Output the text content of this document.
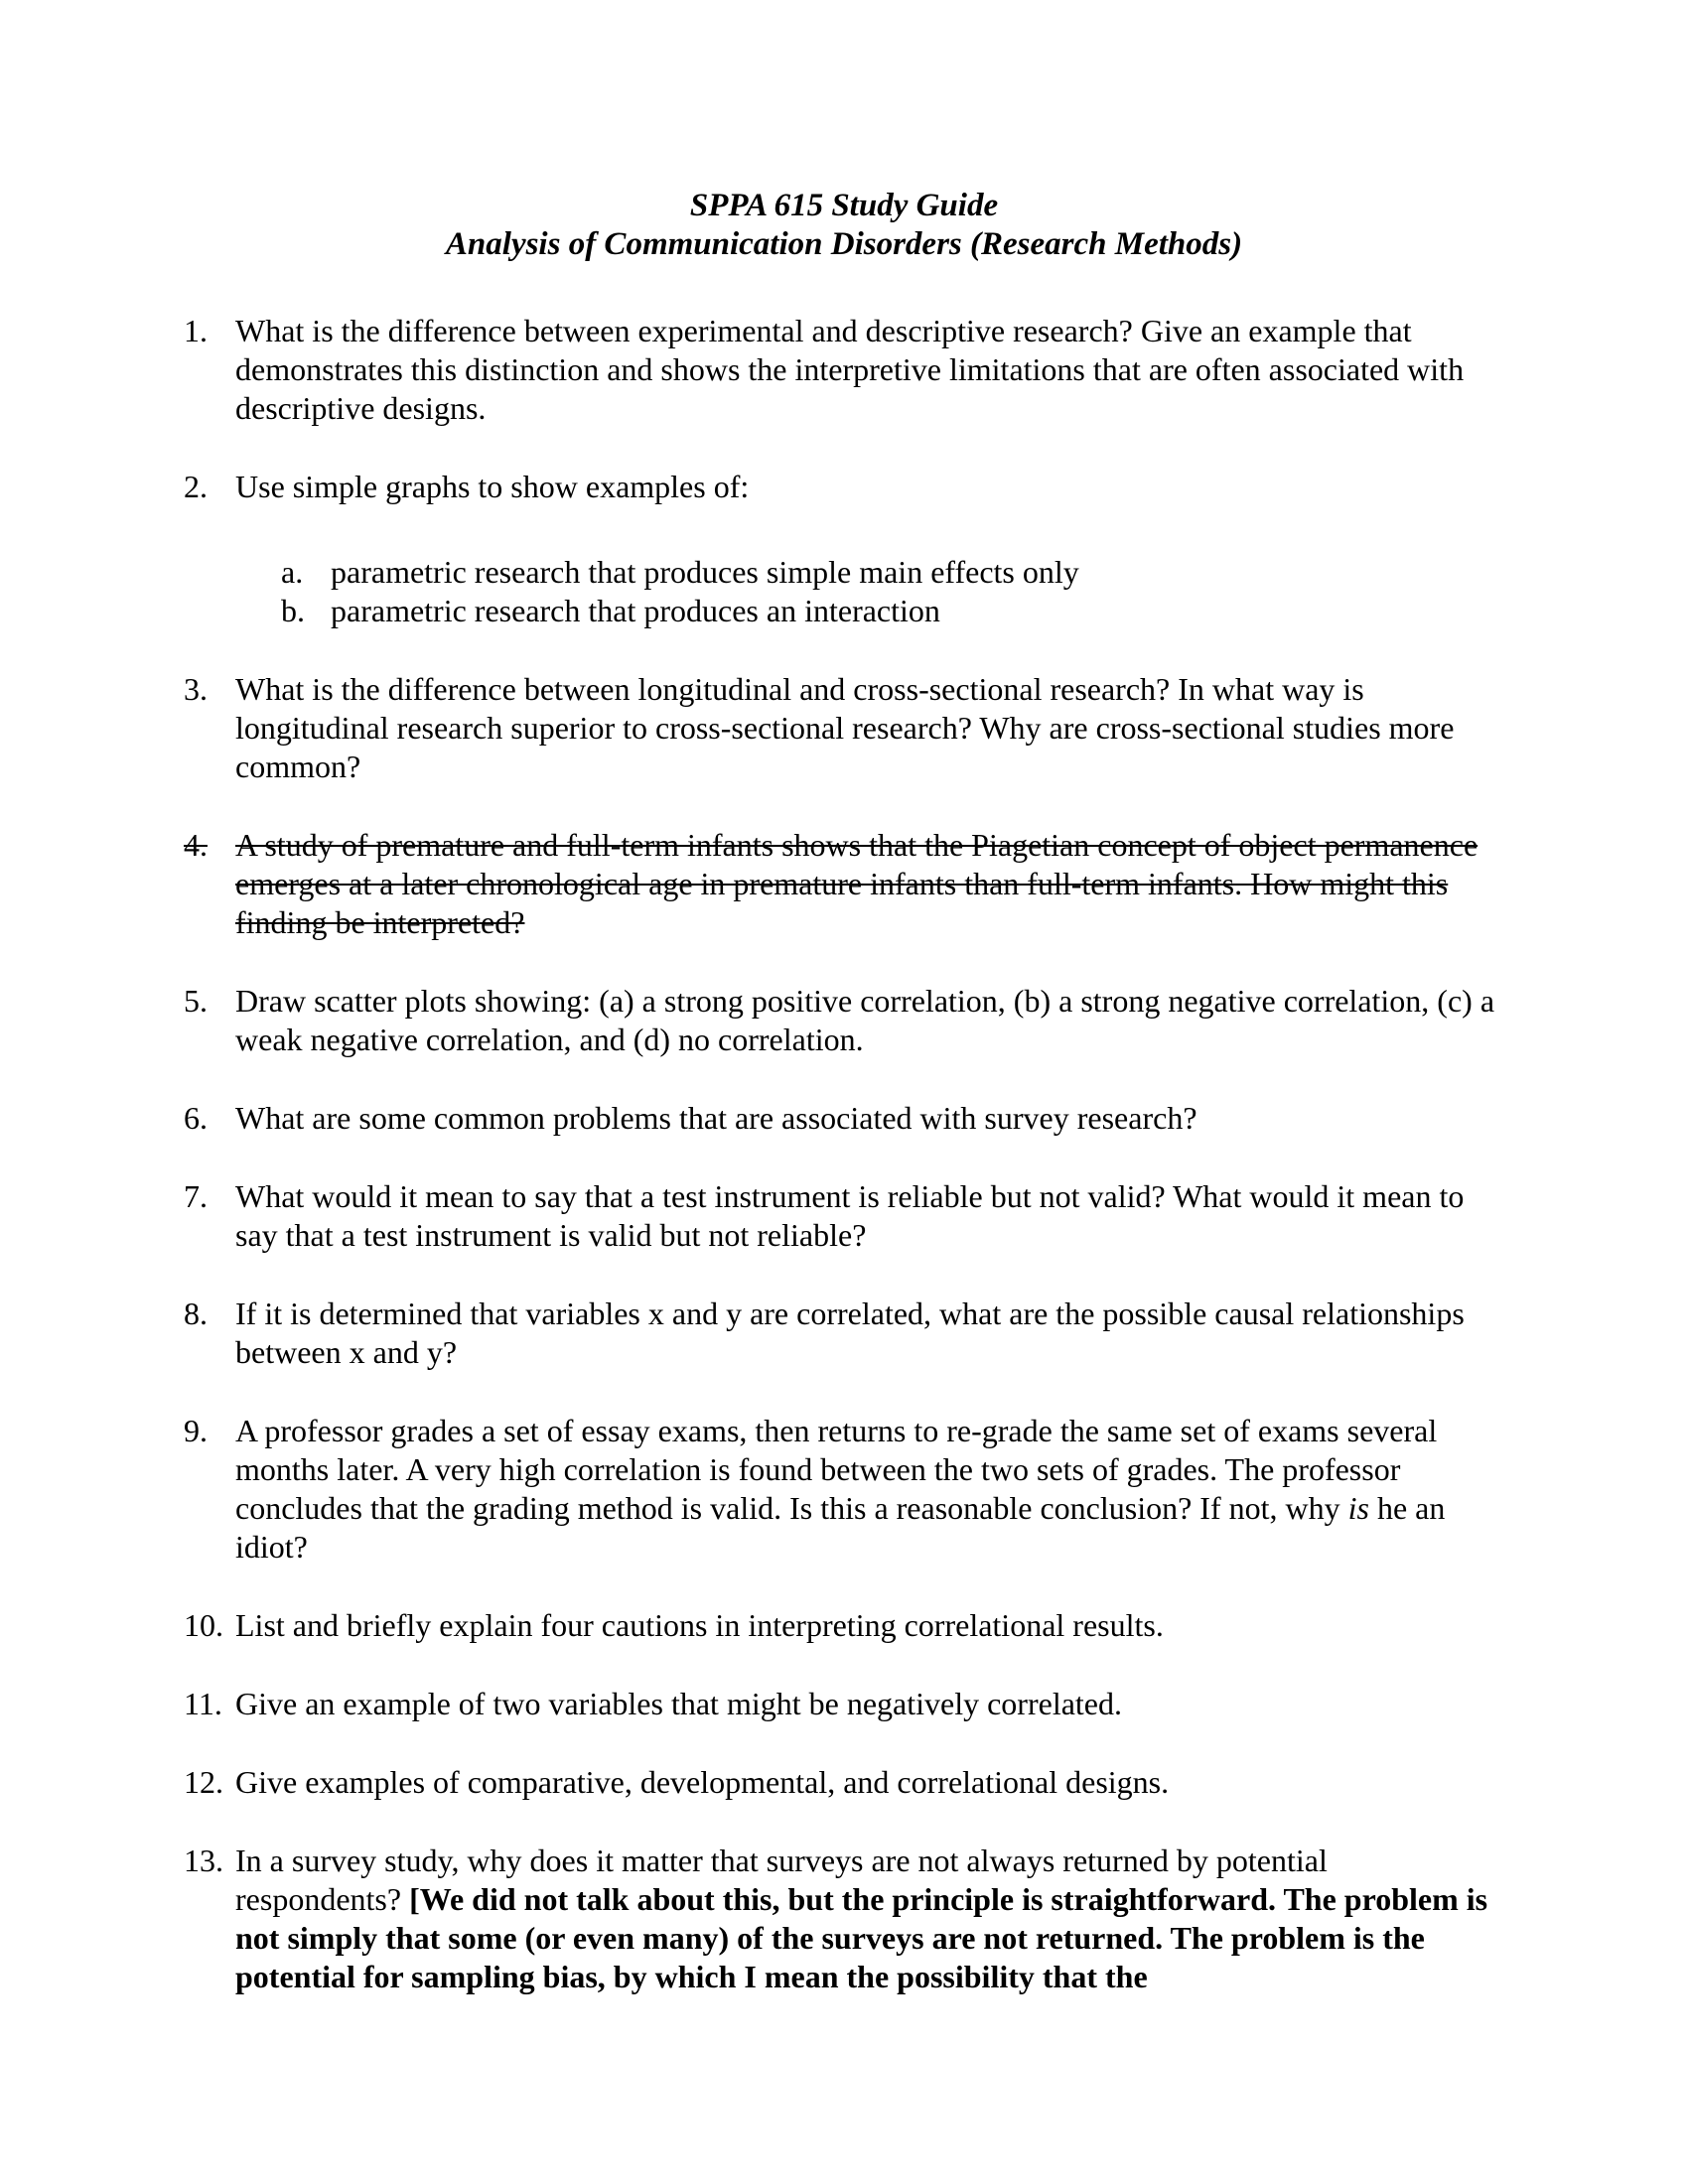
SPPA 615 Study Guide
Analysis of Communication Disorders (Research Methods)
1. What is the difference between experimental and descriptive research? Give an example that demonstrates this distinction and shows the interpretive limitations that are often associated with descriptive designs.
2. Use simple graphs to show examples of:
a. parametric research that produces simple main effects only
b. parametric research that produces an interaction
3. What is the difference between longitudinal and cross-sectional research? In what way is longitudinal research superior to cross-sectional research? Why are cross-sectional studies more common?
4. A study of premature and full-term infants shows that the Piagetian concept of object permanence emerges at a later chronological age in premature infants than full-term infants. How might this finding be interpreted?
5. Draw scatter plots showing: (a) a strong positive correlation, (b) a strong negative correlation, (c) a weak negative correlation, and (d) no correlation.
6. What are some common problems that are associated with survey research?
7. What would it mean to say that a test instrument is reliable but not valid? What would it mean to say that a test instrument is valid but not reliable?
8. If it is determined that variables x and y are correlated, what are the possible causal relationships between x and y?
9. A professor grades a set of essay exams, then returns to re-grade the same set of exams several months later. A very high correlation is found between the two sets of grades. The professor concludes that the grading method is valid. Is this a reasonable conclusion? If not, why is he an idiot?
10. List and briefly explain four cautions in interpreting correlational results.
11. Give an example of two variables that might be negatively correlated.
12. Give examples of comparative, developmental, and correlational designs.
13. In a survey study, why does it matter that surveys are not always returned by potential respondents? [We did not talk about this, but the principle is straightforward. The problem is not simply that some (or even many) of the surveys are not returned. The problem is the potential for sampling bias, by which I mean the possibility that the
